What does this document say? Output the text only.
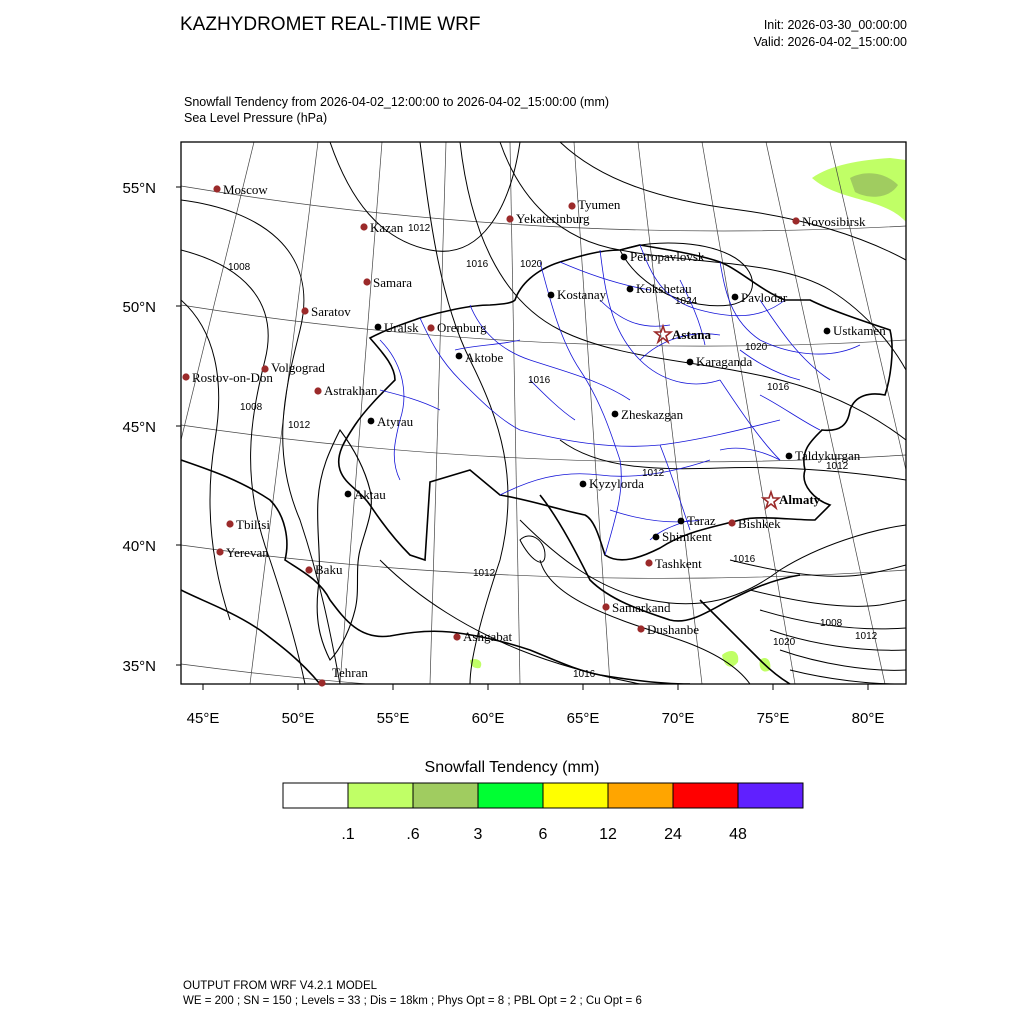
KAZHYDROMET REAL-TIME WRF	Init: 2026-03-30_00:00:00
Valid: 2026-04-02_15:00:00
Snowfall Tendency from 2026-04-02_12:00:00 to 2026-04-02_15:00:00 (mm)
Sea Level Pressure (hPa)
55°N
50°N
45°N
40°N
35°N
45°E	50°E	55°E	60°E	65°E	70°E	75°E	80°E
1012
1008	1016	1020
1024
1020
1016
1008
1012
1016
1012
1012
1012
1016
1016
1008
1012
1020
Moscow
Kazan
Samara
Saratov
Volgograd
Rostov-on-Don
Astrakhan
Orenburg
Yekaterinburg
Tyumen
Novosibirsk
Tbilisi
Yerevan
Baku
Ashgabat
Tehran
Samarkand
Dushanbe
Tashkent
Bishkek
Uralsk
Aktobe
Atyrau
Aktau
Kostanay
Petropavlovsk
Kokshetau
Pavlodar
Ustkamen
Karaganda
Zheskazgan
Kyzylorda
Taldykurgan
Taraz
Shimkent
Astana
Almaty
Snowfall Tendency (mm)
.1	.6	3	6	12	24	48
OUTPUT FROM WRF V4.2.1 MODEL
WE = 200 ; SN = 150 ; Levels = 33 ; Dis = 18km ; Phys Opt = 8 ; PBL Opt = 2 ; Cu Opt = 6
